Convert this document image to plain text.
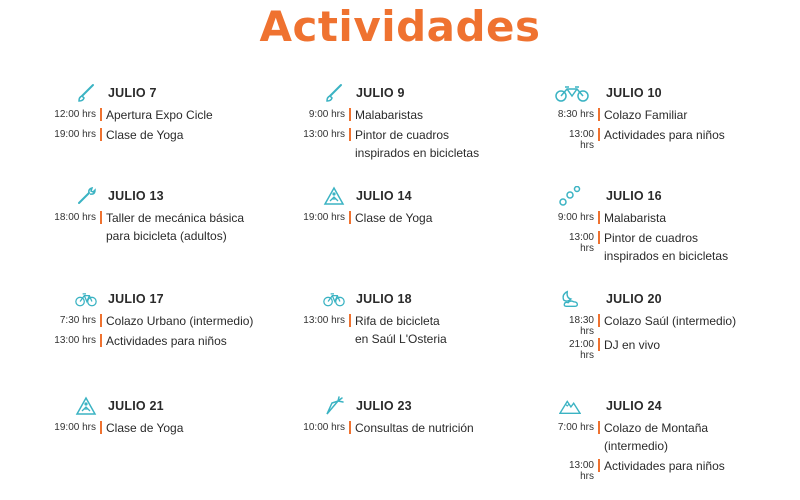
Actividades
JULIO 7
12:00 hrs Apertura Expo Cicle
19:00 hrs Clase de Yoga
JULIO 9
9:00 hrs Malabaristas
13:00 hrs Pintor de cuadros
inspirados en bicicletas
JULIO 10
8:30 hrs Colazo Familiar
13:00 hrs
Actividades para niños
JULIO 13
18:00 hrs Taller de mecánica básica
para bicicleta (adultos)
JULIO 14
19:00 hrs Clase de Yoga
JULIO 16
9:00 hrs Malabarista
13:00 hrs
Pintor de cuadros
inspirados en bicicletas
JULIO 17
7:30 hrs Colazo Urbano (intermedio)
13:00 hrs Actividades para niños
JULIO 18
13:00 hrs Rifa de bicicleta
en Saúl L'Osteria
JULIO 20
18:30 hrs
Colazo Saúl (intermedio)
21:00 hrs
DJ en vivo
JULIO 21
19:00 hrs Clase de Yoga
JULIO 23
10:00 hrs Consultas de nutrición
JULIO 24
7:00 hrs Colazo de Montaña
(intermedio)
13:00 hrs
Actividades para niños
